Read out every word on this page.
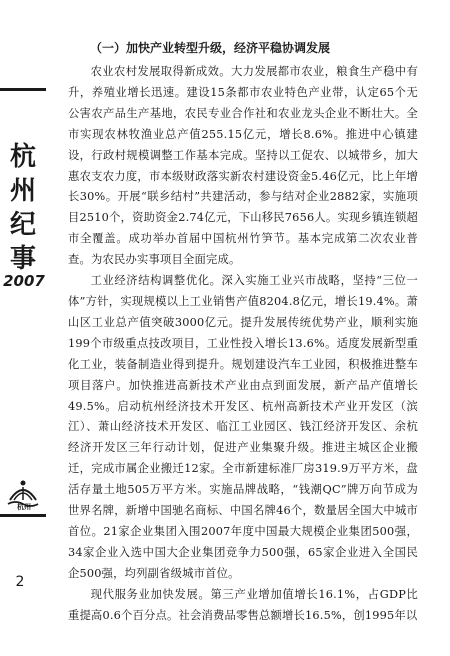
杭
州
纪
事
2007
杭州
2
（一）加快产业转型升级，经济平稳协调发展

农业农村发展取得新成效。大力发展都市农业，粮食生产稳中有升，养殖业增长迅速。建设15条都市农业特色产业带，认定65个无公害农产品生产基地，农民专业合作社和农业龙头企业不断壮大。全市实现农林牧渔业总产值255.15亿元，增长8.6%。推进中心镇建设，行政村规模调整工作基本完成。坚持以工促农、以城带乡，加大惠农支农力度，市本级财政落实新农村建设资金5.46亿元，比上年增长30%。开展“联乡结村”共建活动，参与结对企业2882家，实施项目2510个，资助资金2.74亿元，下山移民7656人。实现乡镇连锁超市全覆盖。成功举办首届中国杭州竹笋节。基本完成第二次农业普查。为农民办实事项目全面完成。

工业经济结构调整优化。深入实施工业兴市战略，坚持“三位一体”方针，实现规模以上工业销售产值8204.8亿元，增长19.4%。萧山区工业总产值突破3000亿元。提升发展传统优势产业，顺利实施199个市级重点技改项目，工业性投入增长13.6%。适度发展新型重化工业，装备制造业得到提升。规划建设汽车工业园，积极推进整车项目落户。加快推进高新技术产业由点到面发展，新产品产值增长49.5%。启动杭州经济技术开发区、杭州高新技术产业开发区（滨江）、萧山经济技术开发区、临江工业园区、钱江经济开发区、余杭经济开发区三年行动计划，促进产业集聚升级。推进主城区企业搬迁，完成市属企业搬迁12家。全市新建标准厂房319.9万平方米，盘活存量土地505万平方米。实施品牌战略，“钱潮QC”牌万向节成为世界名牌，新增中国驰名商标、中国名牌46个，数量居全国大中城市首位。21家企业集团入围2007年度中国最大规模企业集团500强，34家企业入选中国大企业集团竞争力500强，65家企业进入全国民企500强，均列副省级城市首位。

现代服务业加快发展。第三产业增加值增长16.1%，占GDP比重提高0.6个百分点。社会消费品零售总额增长16.5%，创1995年以
